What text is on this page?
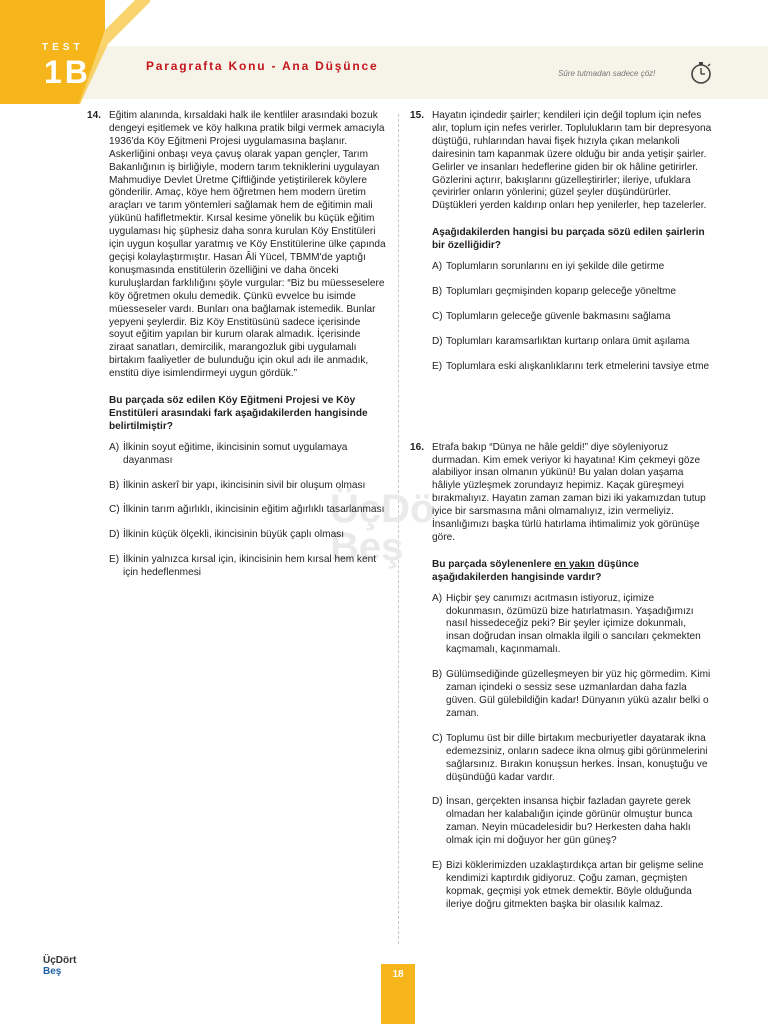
TEST
1B	Paragrafta Konu - Ana Düşünce
Süre tutmadan sadece çöz!
ÜçDö
Beş
14. Eğitim alanında, kırsaldaki halk ile kentliler arasındaki bozuk dengeyi eşitlemek ve köy halkına pratik bilgi vermek amacıyla 1936'da Köy Eğitmeni Projesi uygulamasına başlanır. Askerliğini onbaşı veya çavuş olarak yapan gençler, Tarım Bakanlığının iş birliğiyle, modern tarım tekniklerini uygulayan Mahmudiye Devlet Üretme Çiftliğinde yetiştirilerek köylere gönderilir. Amaç, köye hem öğretmen hem modern üretim araçları ve tarım yöntemleri sağlamak hem de eğitimin mali yükünü hafifletmektir. Kırsal kesime yönelik bu küçük eğitim uygulaması hiç şüphesiz daha sonra kurulan Köy Enstitüleri için uygun koşullar yaratmış ve Köy Enstitülerine ülke çapında geçişi kolaylaştırmıştır. Hasan Âli Yücel, TBMM'de yaptığı konuşmasında enstitülerin özelliğini ve daha önceki kuruluşlardan farklılığını şöyle vurgular: “Biz bu müesseselere köy öğretmen okulu demedik. Çünkü evvelce bu isimde müesseseler vardı. Bunları ona bağlamak istemedik. Bunlar yepyeni şeylerdir. Biz Köy Enstitüsünü sadece içerisinde soyut eğitim yapılan bir kurum olarak almadık. İçerisinde ziraat sanatları, demircilik, marangozluk gibi uygulamalı birtakım faaliyetler de bulunduğu için okul adı ile anmadık, enstitü diye isimlendirmeyi uygun gördük.”

Bu parçada söz edilen Köy Eğitmeni Projesi ve Köy Enstitüleri arasındaki fark aşağıdakilerden hangisinde belirtilmiştir?

A) İlkinin soyut eğitime, ikincisinin somut uygulamaya dayanması
B) İlkinin askerî bir yapı, ikincisinin sivil bir oluşum olması
C) İlkinin tarım ağırlıklı, ikincisinin eğitim ağırlıklı tasarlanması
D) İlkinin küçük ölçekli, ikincisinin büyük çaplı olması
E) İlkinin yalnızca kırsal için, ikincisinin hem kırsal hem kent için hedeflenmesi
15. Hayatın içindedir şairler; kendileri için değil toplum için nefes alır, toplum için nefes verirler. Toplulukların tam bir depresyona düştüğü, ruhlarından havai fişek hızıyla çıkan melankoli dairesinin tam kapanmak üzere olduğu bir anda yetişir şairler. Gelirler ve insanları hedeflerine giden bir ok hâline getirirler. Gözlerini açtırır, bakışlarını güzelleştirirler; ileriye, ufuklara çevirirler onların yönlerini; güzel şeyler düşündürürler. Düştükleri yerden kaldırıp onları hep yenilerler, hep tazelerler.

Aşağıdakilerden hangisi bu parçada sözü edilen şairlerin bir özelliğidir?

A) Toplumların sorunlarını en iyi şekilde dile getirme
B) Toplumları geçmişinden koparıp geleceğe yöneltme
C) Toplumların geleceğe güvenle bakmasını sağlama
D) Toplumları karamsarlıktan kurtarıp onlara ümit aşılama
E) Toplumlara eski alışkanlıklarını terk etmelerini tavsiye etme
16. Etrafa bakıp “Dünya ne hâle geldi!” diye söyleniyoruz durmadan. Kim emek veriyor ki hayatına! Kim çekmeyi göze alabiliyor insan olmanın yükünü! Bu yalan dolan yaşama hâliyle yüzleşmek zorundayız hepimiz. Kaçak güreşmeyi bırakmalıyız. Hayatın zaman zaman bizi iki yakamızdan tutup iyice bir sarsmasına mâni olmamalıyız, izin vermeliyiz. İnsanlığımızı başka türlü hatırlama ihtimalimiz yok görünüşe göre.

Bu parçada söylenenlere en yakın düşünce aşağıdakilerden hangisinde vardır?

A) Hiçbir şey canımızı acıtmasın istiyoruz, içimize dokunmasın, özümüzü bize hatırlatmasın. Yaşadığımızı nasıl hissedeceğiz peki? Bir şeyler içimize dokunmalı, insan doğrudan insan olmakla ilgili o sancıları çekmekten kaçmamalı, kaçınmamalı.
B) Gülümsediğinde güzelleşmeyen bir yüz hiç görmedim. Kimi zaman içindeki o sessiz sese uzmanlardan daha fazla güven. Gül gülebildiğin kadar! Dünyanın yükü azalır belki o zaman.
C) Toplumu üst bir dille birtakım mecburiyetler dayatarak ikna edemezsiniz, onların sadece ikna olmuş gibi görünmelerini sağlarsınız. Bırakın konuşsun herkes. İnsan, konuştuğu ve düşündüğü kadar vardır.
D) İnsan, gerçekten insansa hiçbir fazladan gayrete gerek olmadan her kalabalığın içinde görünür olmuştur bunca zaman. Neyin mücadelesidir bu? Herkesten daha haklı olmak için mi doğuyor her gün güneş?
E) Bizi köklerimizden uzaklaştırdıkça artan bir gelişme seline kendimizi kaptırdık gidiyoruz. Çoğu zaman, geçmişten kopmak, geçmişi yok etmek demektir. Böyle olduğunda ileriye doğru gitmekten başka bir olasılık kalmaz.
ÜçDört
Beş	18
